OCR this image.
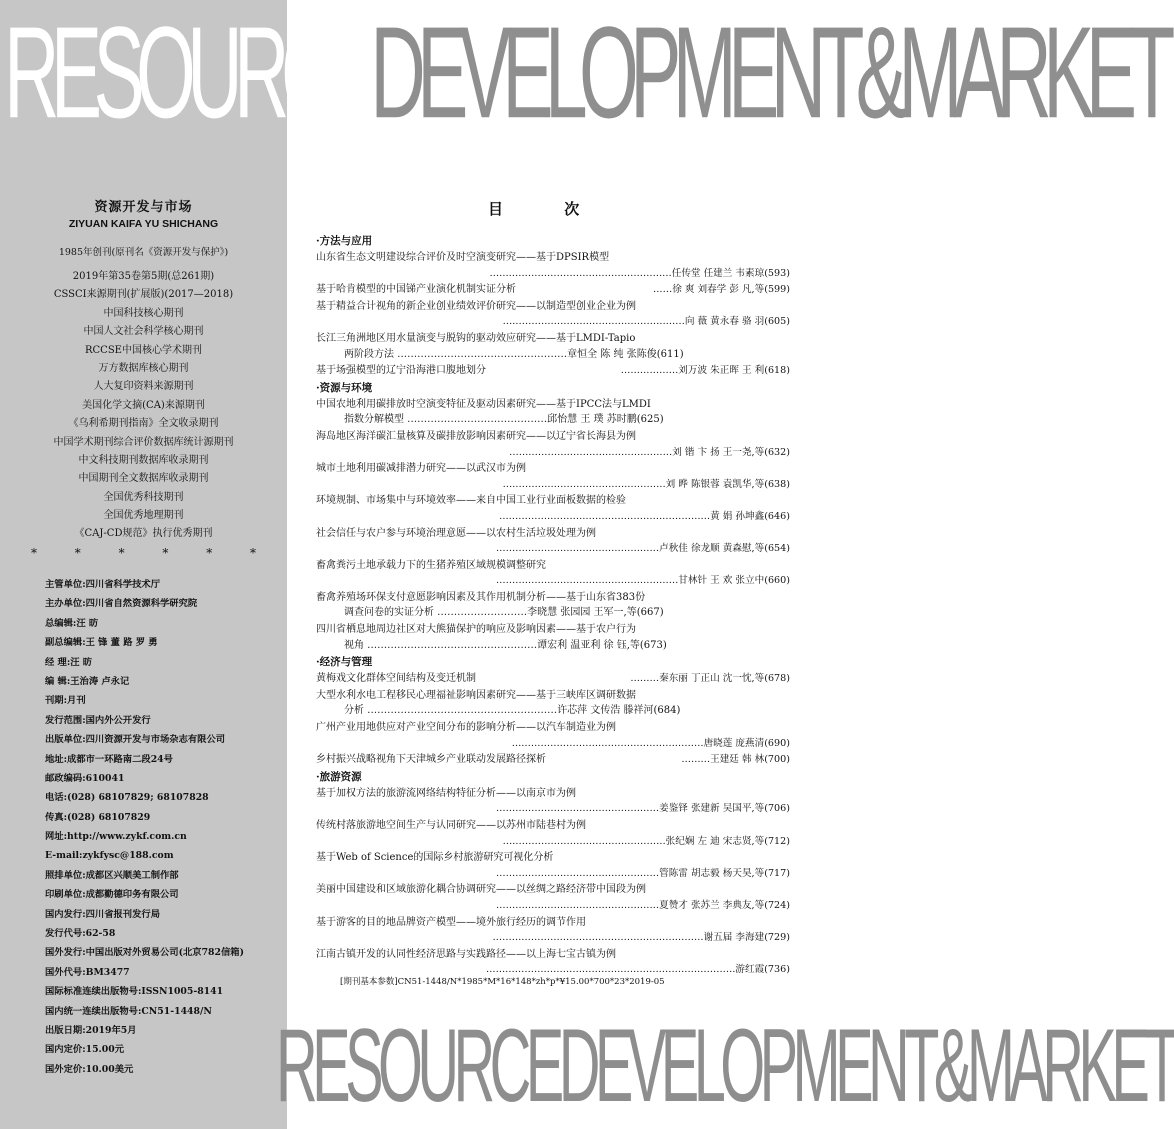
RESOURCEDEVELOPMENT&MARKET
资源开发与市场
ZIYUAN KAIFA YU SHICHANG
1985年创刊(原刊名《资源开发与保护》)
2019年第35卷第5期(总261期)
CSSCI来源期刊(扩展版)(2017—2018)
中国科技核心期刊
中国人文社会科学核心期刊
RCCSE中国核心学术期刊
万方数据库核心期刊
人大复印资料来源期刊
美国化学文摘(CA)来源期刊
《乌利希期刊指南》全文收录期刊
中国学术期刊综合评价数据库统计源期刊
中文科技期刊数据库收录期刊
中国期刊全文数据库收录期刊
全国优秀科技期刊
全国优秀地理期刊
《CAJ-CD规范》执行优秀期刊
* * * * * *
主管单位:四川省科学技术厅
主办单位:四川省自然资源科学研究院
总编辑:汪 昉
副总编辑:王 锋 董 路 罗 勇
经 理:汪 昉
编 辑:王治涛 卢永记
刊期:月刊
发行范围:国内外公开发行
出版单位:四川资源开发与市场杂志有限公司
地址:成都市一环路南二段24号
邮政编码:610041
电话:(028) 68107829; 68107828
传真:(028) 68107829
网址:http://www.zykf.com.cn
E-mail:zykfysc@188.com
照排单位:成都区兴顺美工制作部
印刷单位:成都勤德印务有限公司
国内发行:四川省报刊发行局
发行代号:62-58
国外发行:中国出版对外贸易公司(北京782信箱)
国外代号:BM3477
国际标准连续出版物号:ISSN1005-8141
国内统一连续出版物号:CN51-1448/N
出版日期:2019年5月
国内定价:15.00元
国外定价:10.00美元
目 次
·方法与应用
山东省生态文明建设综合评价及时空演变研究——基于DPSIR模型
…………………………………………………任传堂 任建兰 韦素琼(593)
基于哈肯模型的中国锑产业演化机制实证分析	……徐 爽 刘春学 彭 凡,等(599)
基于精益合计视角的新企业创业绩效评价研究——以制造型创业企业为例
…………………………………………………向 薇 黄永春 骆 羽(605)
长江三角洲地区用水量演变与脱钩的驱动效应研究——基于LMDI-Tapio
两阶段方法 ……………………………………………章恒全 陈 纯 张陈俊(611)
基于场强模型的辽宁沿海港口腹地划分	………………刘万波 朱正晖 王 利(618)
·资源与环境
中国农地利用碳排放时空演变特征及驱动因素研究——基于IPCC法与LMDI
指数分解模型 ……………………………………邱怡慧 王 璞 苏时鹏(625)
海岛地区海洋碳汇量核算及碳排放影响因素研究——以辽宁省长海县为例
……………………………………………刘 锴 卞 扬 王一尧,等(632)
城市土地利用碳减排潜力研究——以武汉市为例
……………………………………………刘 晔 陈银蓉 袁凯华,等(638)
环境规制、市场集中与环境效率——来自中国工业行业面板数据的检验
…………………………………………………………黄 娟 孙坤鑫(646)
社会信任与农户参与环境治理意愿——以农村生活垃圾处理为例
……………………………………………卢秋佳 徐龙顺 黄森慰,等(654)
畜禽粪污土地承载力下的生猪养殖区域规模调整研究
…………………………………………………甘林针 王 欢 张立中(660)
畜禽养殖场环保支付意愿影响因素及其作用机制分析——基于山东省383份
调查问卷的实证分析 ………………………李晓慧 张园园 王军一,等(667)
四川省栖息地周边社区对大熊猫保护的响应及影响因素——基于农户行为
视角 ……………………………………………谭宏利 温亚利 徐 钰,等(673)
·经济与管理
黄梅戏文化群体空间结构及变迁机制	………秦东丽 丁正山 沈一忱,等(678)
大型水利水电工程移民心理福祉影响因素研究——基于三峡库区调研数据
分析 …………………………………………………许芯萍 文传浩 滕祥河(684)
广州产业用地供应对产业空间分布的影响分析——以汽车制造业为例
……………………………………………………唐晓莲 庞燕清(690)
乡村振兴战略视角下天津城乡产业联动发展路径探析	………王建廷 韩 林(700)
·旅游资源
基于加权方法的旅游流网络结构特征分析——以南京市为例
……………………………………………姜鉴铎 张建新 吴国平,等(706)
传统村落旅游地空间生产与认同研究——以苏州市陆巷村为例
……………………………………………张纪娴 左 迪 宋志贤,等(712)
基于Web of Science的国际乡村旅游研究可视化分析
……………………………………………管陈雷 胡志毅 杨天昊,等(717)
美丽中国建设和区域旅游化耦合协调研究——以丝绸之路经济带中国段为例
……………………………………………夏赞才 张苏兰 李典友,等(724)
基于游客的目的地品牌资产模型——境外旅行经历的调节作用
…………………………………………………………谢五届 李海建(729)
江南古镇开发的认同性经济思路与实践路径——以上海七宝古镇为例
……………………………………………………………………游红霞(736)
[期刊基本参数]CN51-1448/N*1985*M*16*148*zh*p*¥15.00*700*23*2019-05
RESOURCEDEVELOPMENT&MARKET
